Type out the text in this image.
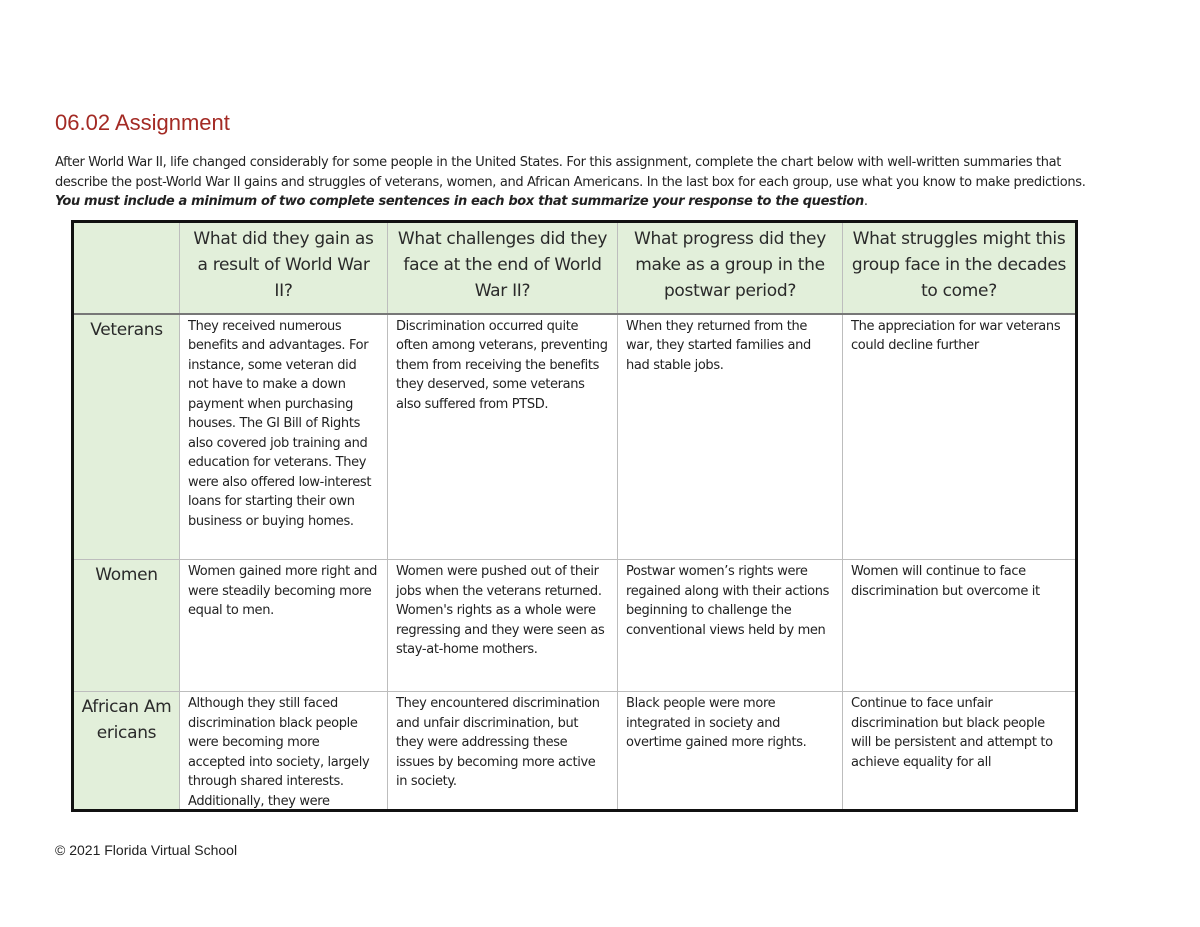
06.02 Assignment
After World War II, life changed considerably for some people in the United States. For this assignment, complete the chart below with well-written summaries that describe the post-World War II gains and struggles of veterans, women, and African Americans. In the last box for each group, use what you know to make predictions. You must include a minimum of two complete sentences in each box that summarize your response to the question.
	What did they gain as a result of World War II?	What challenges did they face at the end of World War II?	What progress did they make as a group in the postwar period?	What struggles might this group face in the decades to come?
Veterans	They received numerous benefits and advantages. For instance, some veteran did not have to make a down payment when purchasing houses. The GI Bill of Rights also covered job training and education for veterans. They were also offered low-interest loans for starting their own business or buying homes.	Discrimination occurred quite often among veterans, preventing them from receiving the benefits they deserved, some veterans also suffered from PTSD.	When they returned from the war, they started families and had stable jobs.	The appreciation for war veterans could decline further
Women	Women gained more right and were steadily becoming more equal to men.	Women were pushed out of their jobs when the veterans returned. Women's rights as a whole were regressing and they were seen as stay-at-home mothers.	Postwar women’s rights were regained along with their actions beginning to challenge the conventional views held by men	Women will continue to face discrimination but overcome it
African Americans	Although they still faced discrimination black people were becoming more accepted into society, largely through shared interests. Additionally, they were	They encountered discrimination and unfair discrimination, but they were addressing these issues by becoming more active in society.	Black people were more integrated in society and overtime gained more rights.	Continue to face unfair discrimination but black people will be persistent and attempt to achieve equality for all
© 2021 Florida Virtual School
